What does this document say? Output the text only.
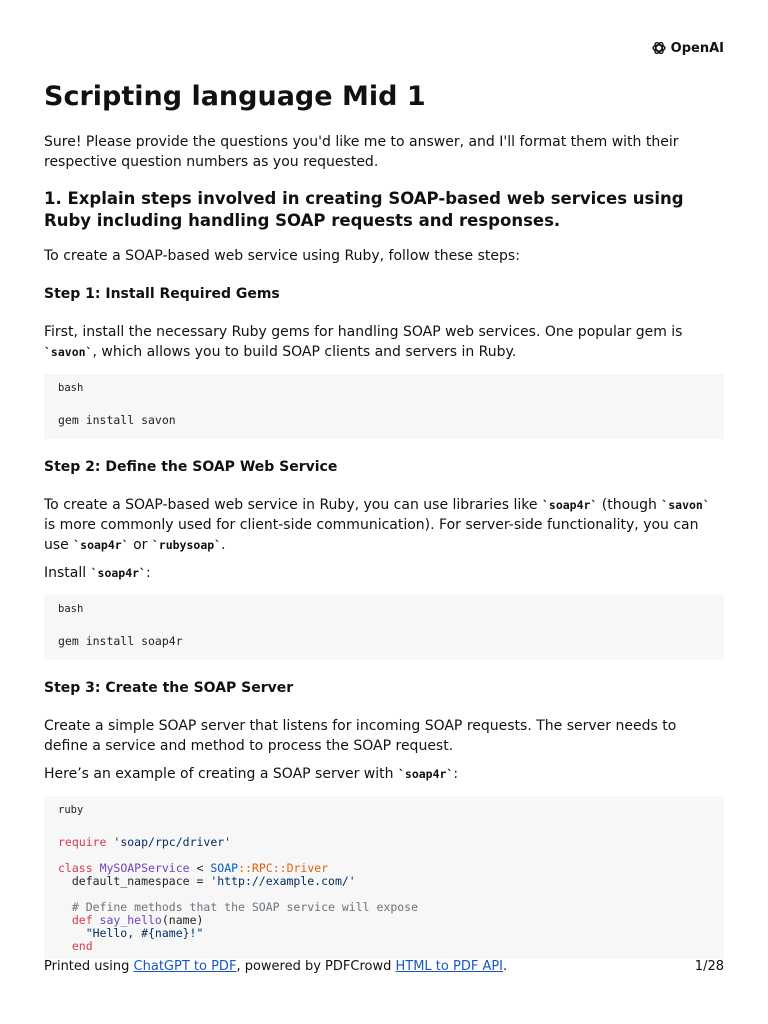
OpenAI
Scripting language Mid 1

Sure! Please provide the questions you'd like me to answer, and I'll format them with their respective question numbers as you requested.

1. Explain steps involved in creating SOAP-based web services using Ruby including handling SOAP requests and responses.

To create a SOAP-based web service using Ruby, follow these steps:

Step 1: Install Required Gems

First, install the necessary Ruby gems for handling SOAP web services. One popular gem is `savon`, which allows you to build SOAP clients and servers in Ruby.

bash
gem install savon
Step 2: Define the SOAP Web Service

To create a SOAP-based web service in Ruby, you can use libraries like `soap4r` (though `savon` is more commonly used for client-side communication). For server-side functionality, you can use `soap4r` or `rubysoap`.

Install `soap4r`:

bash
gem install soap4r
Step 3: Create the SOAP Server

Create a simple SOAP server that listens for incoming SOAP requests. The server needs to define a service and method to process the SOAP request.

Here’s an example of creating a SOAP server with `soap4r`:

ruby
require 'soap/rpc/driver'

class MySOAPService < SOAP::RPC::Driver
default_namespace = 'http://example.com/'

# Define methods that the SOAP service will expose
def say_hello(name)
"Hello, #{name}!"
end
Printed using ChatGPT to PDF, powered by PDFCrowd HTML to PDF API.	1/28
